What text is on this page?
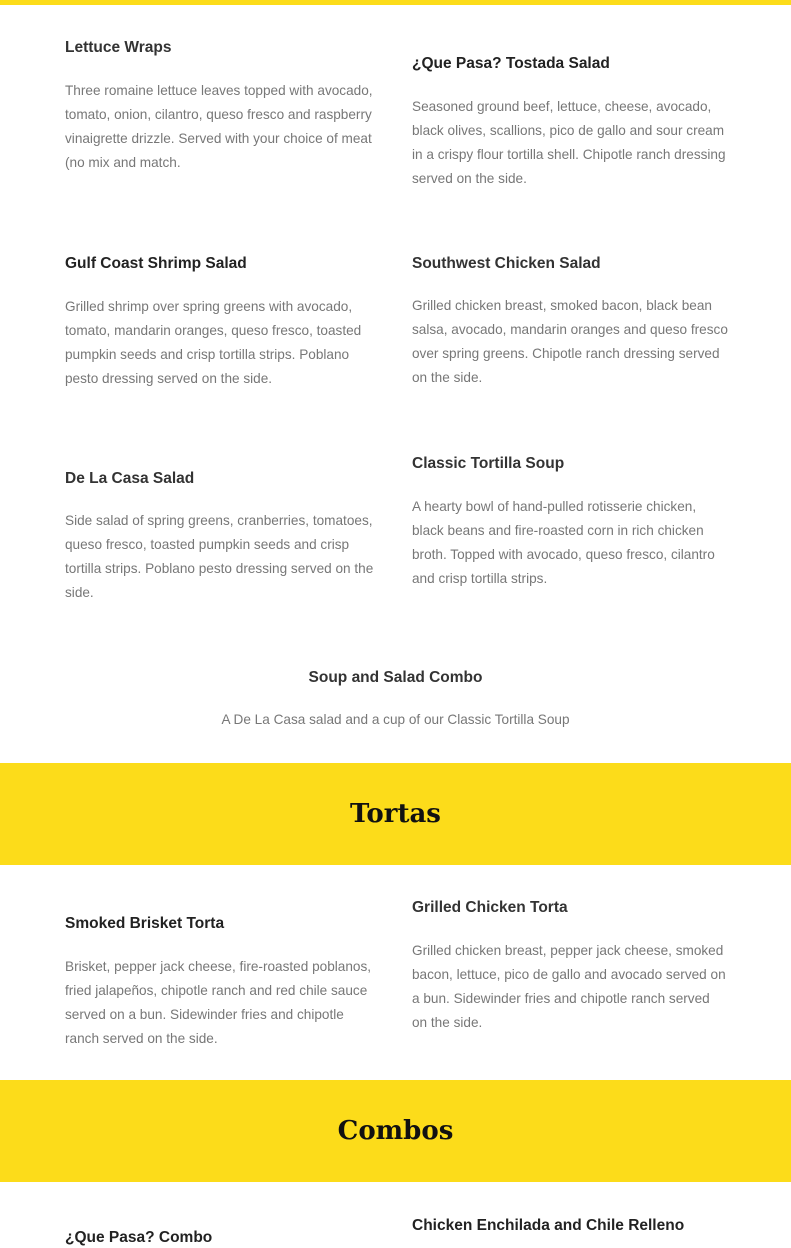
Lettuce Wraps

Three romaine lettuce leaves topped with avocado, tomato, onion, cilantro, queso fresco and raspberry vinaigrette drizzle. Served with your choice of meat (no mix and match.

¿Que Pasa? Tostada Salad

Seasoned ground beef, lettuce, cheese, avocado, black olives, scallions, pico de gallo and sour cream in a crispy flour tortilla shell. Chipotle ranch dressing served on the side.

Gulf Coast Shrimp Salad

Grilled shrimp over spring greens with avocado, tomato, mandarin oranges, queso fresco, toasted pumpkin seeds and crisp tortilla strips. Poblano pesto dressing served on the side.

Southwest Chicken Salad

Grilled chicken breast, smoked bacon, black bean salsa, avocado, mandarin oranges and queso fresco over spring greens. Chipotle ranch dressing served on the side.

De La Casa Salad

Side salad of spring greens, cranberries, tomatoes, queso fresco, toasted pumpkin seeds and crisp tortilla strips. Poblano pesto dressing served on the side.

Classic Tortilla Soup

A hearty bowl of hand-pulled rotisserie chicken, black beans and fire-roasted corn in rich chicken broth. Topped with avocado, queso fresco, cilantro and crisp tortilla strips.

Soup and Salad Combo

A De La Casa salad and a cup of our Classic Tortilla Soup

Tortas
Smoked Brisket Torta

Brisket, pepper jack cheese, fire-roasted poblanos, fried jalapeños, chipotle ranch and red chile sauce served on a bun. Sidewinder fries and chipotle ranch served on the side.

Grilled Chicken Torta

Grilled chicken breast, pepper jack cheese, smoked bacon, lettuce, pico de gallo and avocado served on a bun. Sidewinder fries and chipotle ranch served on the side.

Combos
¿Que Pasa? Combo
Chicken Enchilada and Chile Relleno
